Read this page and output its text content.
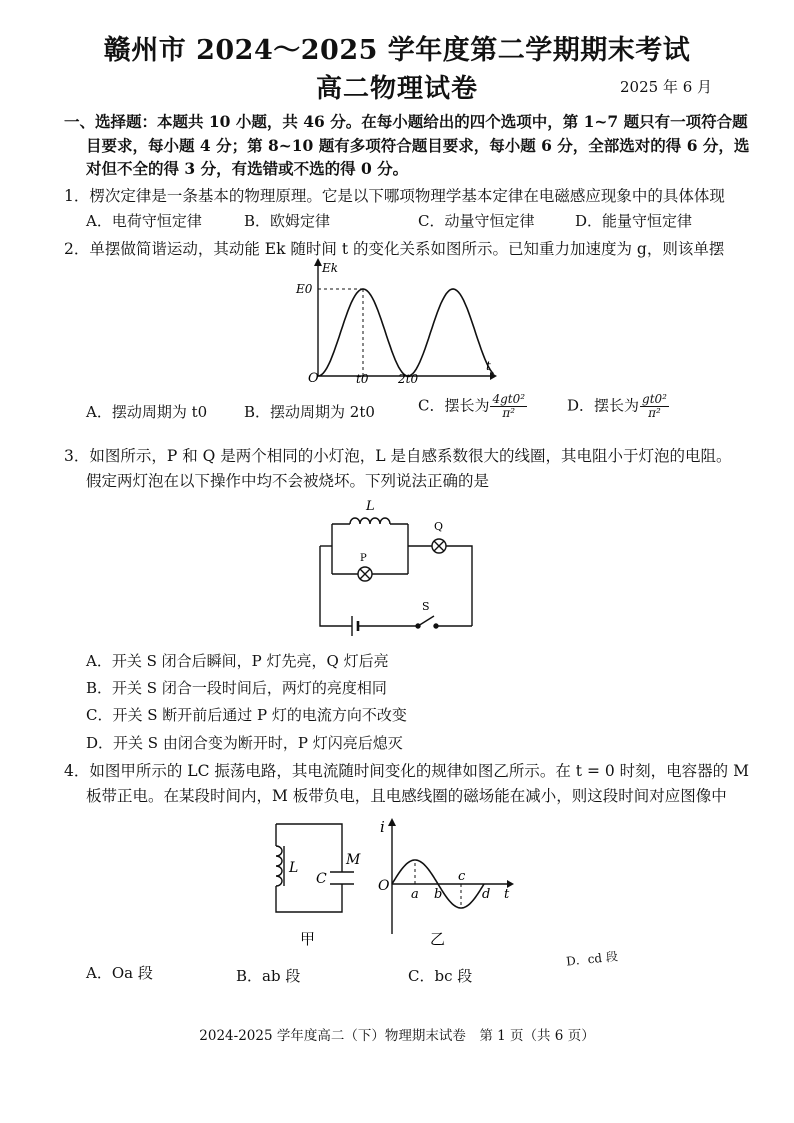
赣州市 2024～2025 学年度第二学期期末考试
高二物理试卷	2025 年 6 月
一、选择题：本题共 10 小题，共 46 分。在每小题给出的四个选项中，第 1~7 题只有一项符合题
目要求，每小题 4 分；第 8~10 题有多项符合题目要求，每小题 6 分，全部选对的得 6 分，选
对但不全的得 3 分，有选错或不选的得 0 分。
1．楞次定律是一条基本的物理原理。它是以下哪项物理学基本定律在电磁感应现象中的具体体现
A．电荷守恒定律	B．欧姆定律	C．动量守恒定律	D．能量守恒定律
2．单摆做简谐运动，其动能 Ek 随时间 t 的变化关系如图所示。已知重力加速度为 g，则该单摆
Ek
E0
O	t0 2t0
t
A．摆动周期为 t0 B．摆动周期为 2t0	C．摆长为 $\frac{\text{4gt0²}}{\text{π²}}$	D．摆长为 $\frac{\text{gt0²}}{\text{π²}}$
3．如图所示，P 和 Q 是两个相同的小灯泡，L 是自感系数很大的线圈，其电阻小于灯泡的电阻。
假定两灯泡在以下操作中均不会被烧坏。下列说法正确的是
L
P
Q
S
A．开关 S 闭合后瞬间，P 灯先亮，Q 灯后亮
B．开关 S 闭合一段时间后，两灯的亮度相同
C．开关 S 断开前后通过 P 灯的电流方向不改变
D．开关 S 由闭合变为断开时，P 灯闪亮后熄灭
4．如图甲所示的 LC 振荡电路，其电流随时间变化的规律如图乙所示。在 t = 0 时刻，电容器的 M
板带正电。在某段时间内，M 板带负电，且电感线圈的磁场能在减小，则这段时间对应图像中
L
C
M
甲
i
O
a b
c
d t
乙
A．Oa 段	B．ab 段	C．bc 段
D．cd 段
2024-2025 学年度高二（下）物理期末试卷　第 1 页（共 6 页）
